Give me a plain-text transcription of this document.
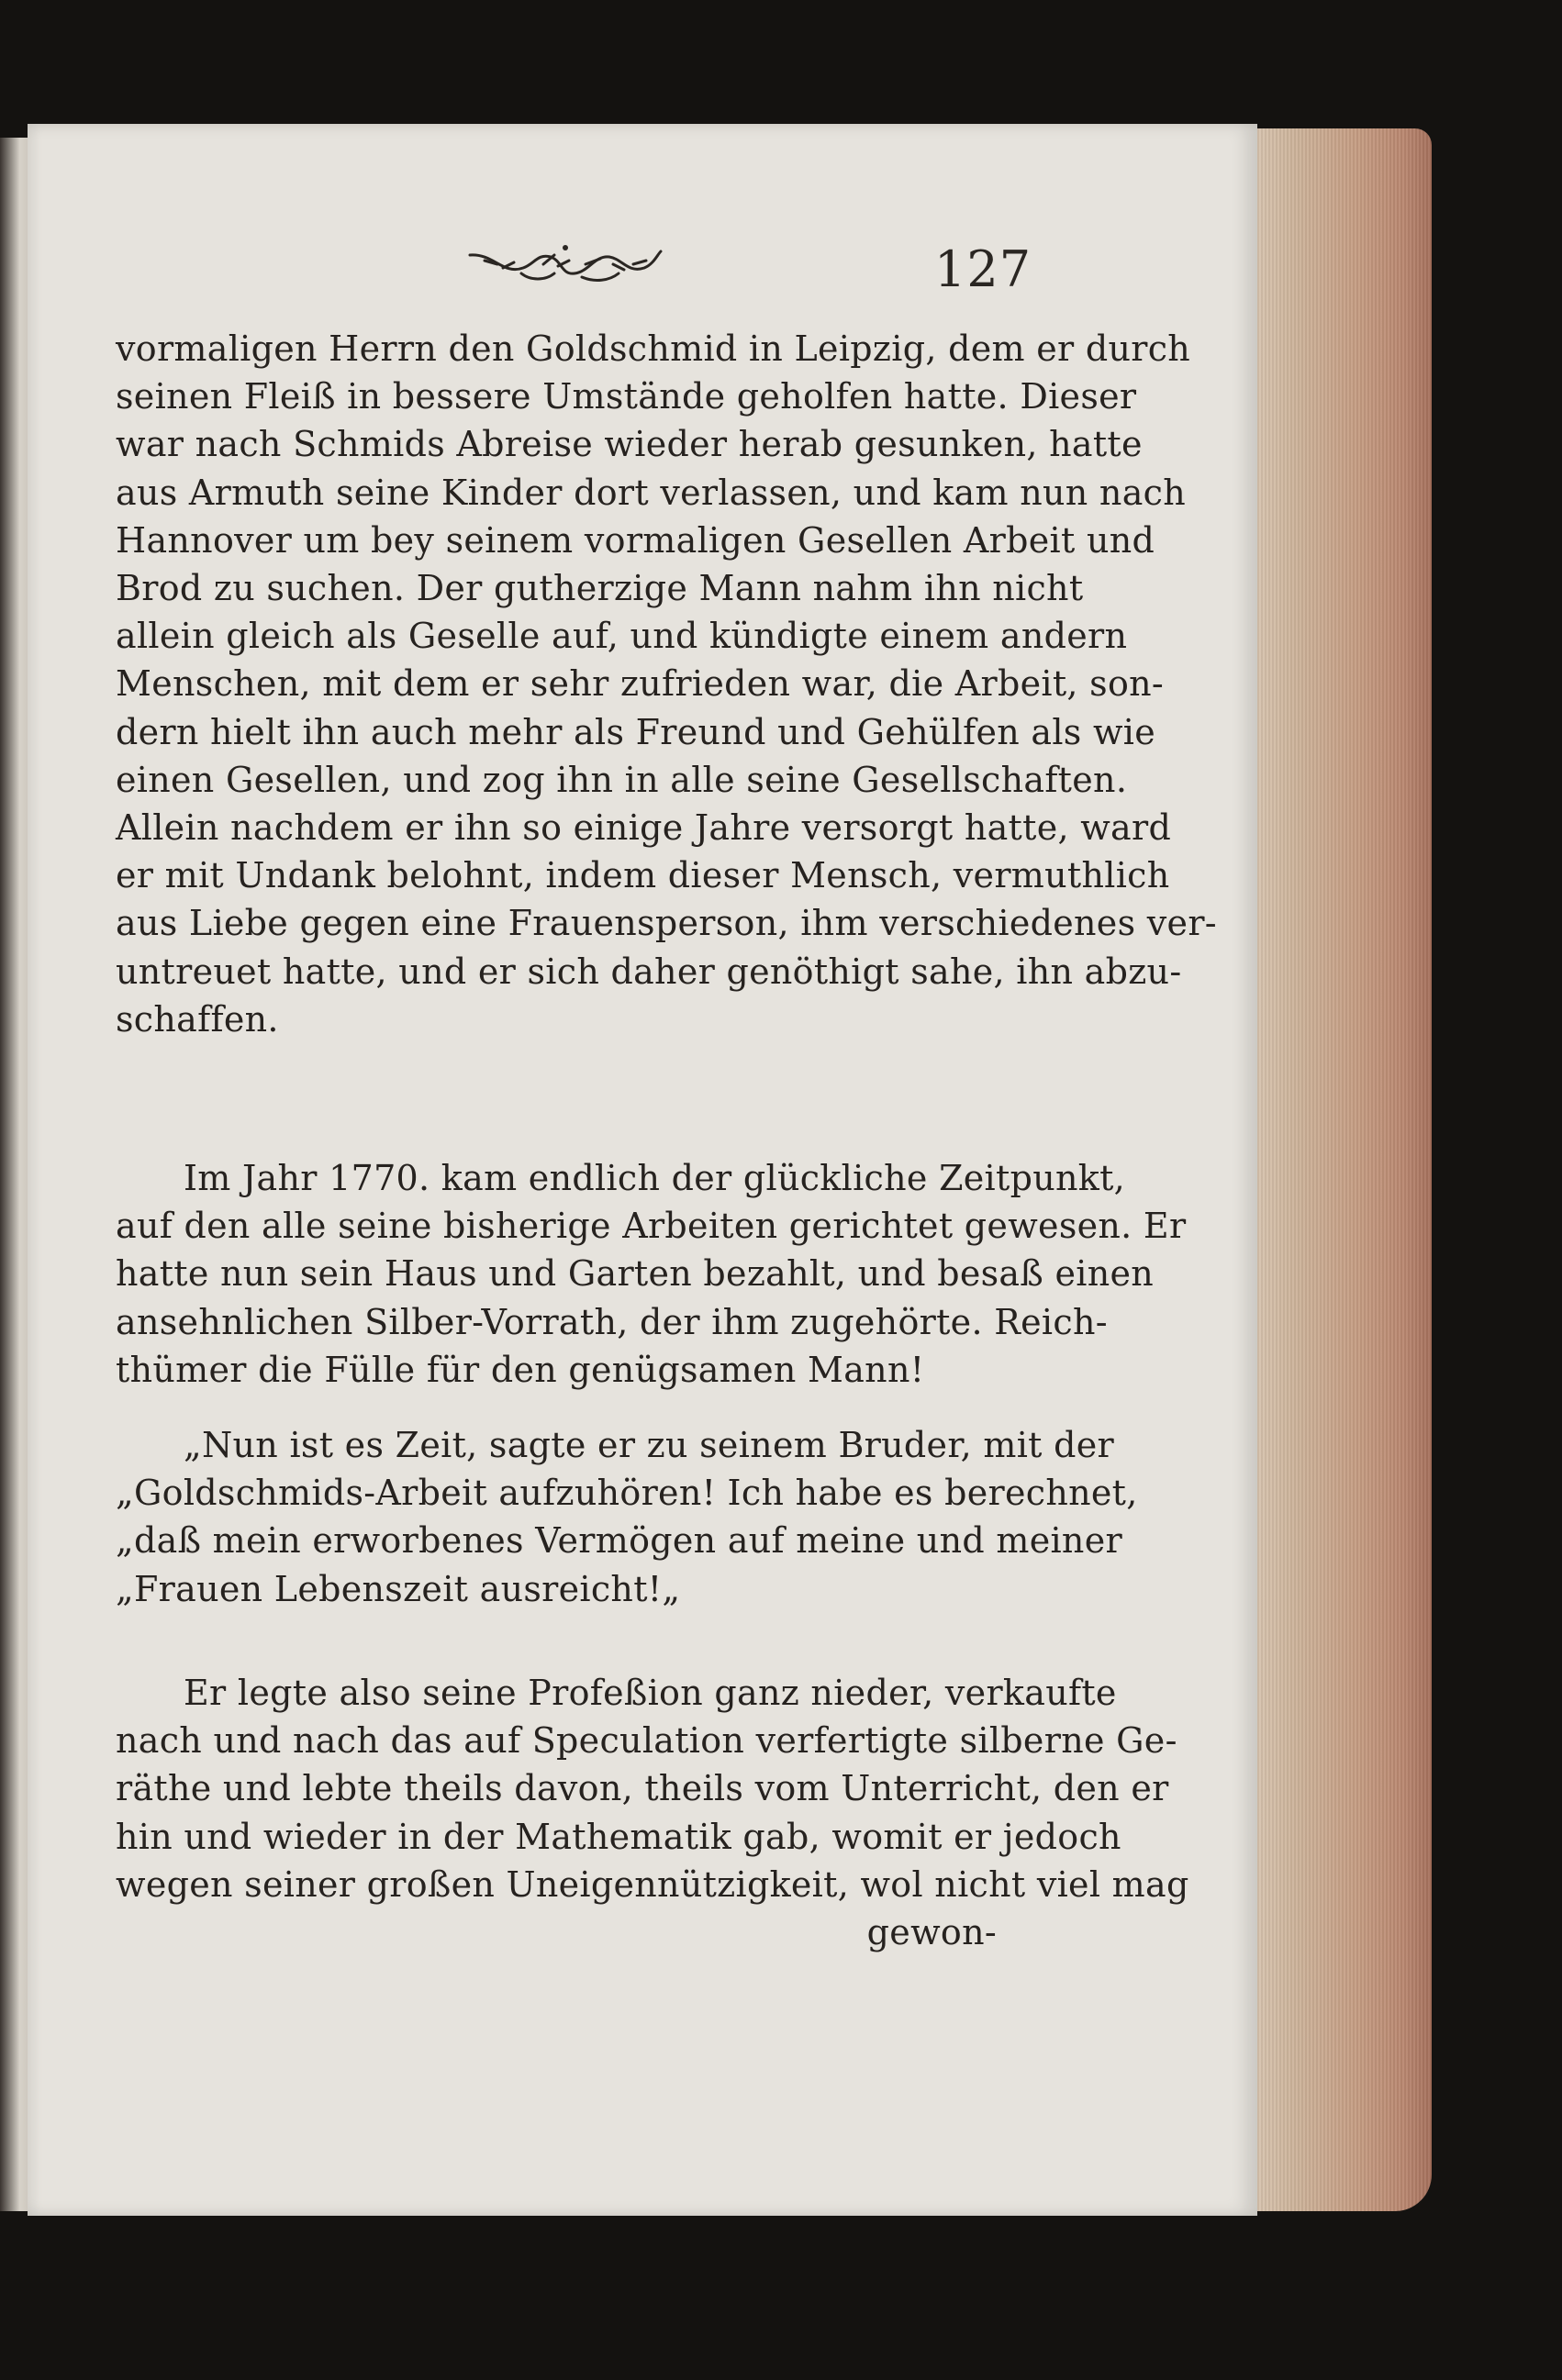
127
vormaligen Herrn den Goldschmid in Leipzig, dem er durch
seinen Fleiß in bessere Umstände geholfen hatte. Dieser
war nach Schmids Abreise wieder herab gesunken, hatte
aus Armuth seine Kinder dort verlassen, und kam nun nach
Hannover um bey seinem vormaligen Gesellen Arbeit und
Brod zu suchen. Der gutherzige Mann nahm ihn nicht
allein gleich als Geselle auf, und kündigte einem andern
Menschen, mit dem er sehr zufrieden war, die Arbeit, son-
dern hielt ihn auch mehr als Freund und Gehülfen als wie
einen Gesellen, und zog ihn in alle seine Gesellschaften.
Allein nachdem er ihn so einige Jahre versorgt hatte, ward
er mit Undank belohnt, indem dieser Mensch, vermuthlich
aus Liebe gegen eine Frauensperson, ihm verschiedenes ver-
untreuet hatte, und er sich daher genöthigt sahe, ihn abzu-
schaffen.
Im Jahr 1770. kam endlich der glückliche Zeitpunkt,
auf den alle seine bisherige Arbeiten gerichtet gewesen. Er
hatte nun sein Haus und Garten bezahlt, und besaß einen
ansehnlichen Silber-Vorrath, der ihm zugehörte. Reich-
thümer die Fülle für den genügsamen Mann!
„Nun ist es Zeit, sagte er zu seinem Bruder, mit der
„Goldschmids-Arbeit aufzuhören! Ich habe es berechnet,
„daß mein erworbenes Vermögen auf meine und meiner
„Frauen Lebenszeit ausreicht!„
Er legte also seine Profeßion ganz nieder, verkaufte
nach und nach das auf Speculation verfertigte silberne Ge-
räthe und lebte theils davon, theils vom Unterricht, den er
hin und wieder in der Mathematik gab, womit er jedoch
wegen seiner großen Uneigennützigkeit, wol nicht viel mag
gewon-
